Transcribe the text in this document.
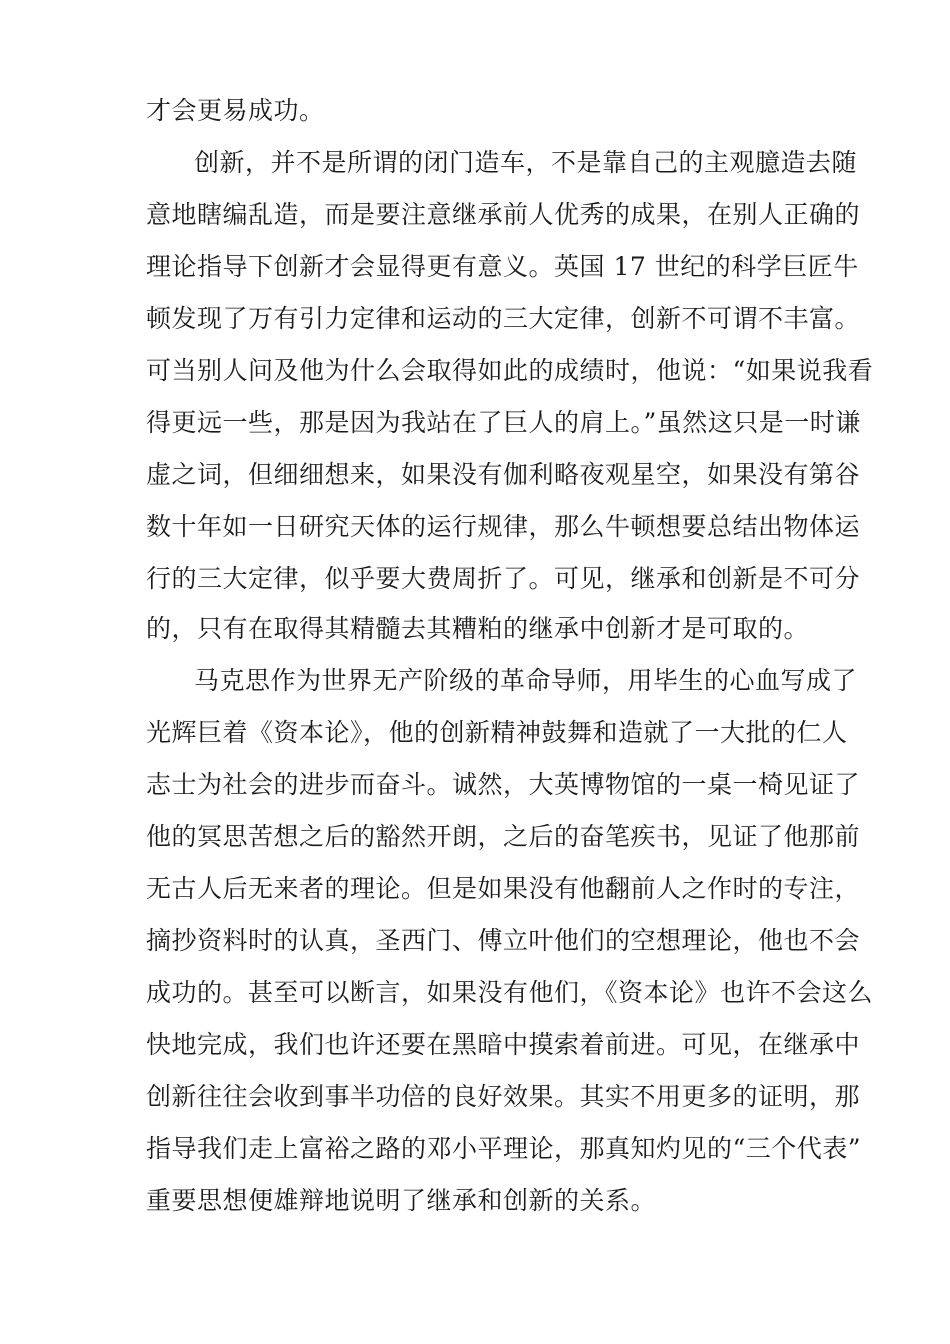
才会更易成功。
创新，并不是所谓的闭门造车，不是靠自己的主观臆造去随
意地瞎编乱造，而是要注意继承前人优秀的成果，在别人正确的
理论指导下创新才会显得更有意义。英国 17 世纪的科学巨匠牛
顿发现了万有引力定律和运动的三大定律，创新不可谓不丰富。
可当别人问及他为什么会取得如此的成绩时，他说：“如果说我看
得更远一些，那是因为我站在了巨人的肩上。”虽然这只是一时谦
虚之词，但细细想来，如果没有伽利略夜观星空，如果没有第谷
数十年如一日研究天体的运行规律，那么牛顿想要总结出物体运
行的三大定律，似乎要大费周折了。可见，继承和创新是不可分
的，只有在取得其精髓去其糟粕的继承中创新才是可取的。
马克思作为世界无产阶级的革命导师，用毕生的心血写成了
光辉巨着《资本论》，他的创新精神鼓舞和造就了一大批的仁人
志士为社会的进步而奋斗。诚然，大英博物馆的一桌一椅见证了
他的冥思苦想之后的豁然开朗，之后的奋笔疾书，见证了他那前
无古人后无来者的理论。但是如果没有他翻前人之作时的专注，
摘抄资料时的认真，圣西门、傅立叶他们的空想理论，他也不会
成功的。甚至可以断言，如果没有他们，《资本论》也许不会这么
快地完成，我们也许还要在黑暗中摸索着前进。可见，在继承中
创新往往会收到事半功倍的良好效果。其实不用更多的证明，那
指导我们走上富裕之路的邓小平理论，那真知灼见的“三个代表”
重要思想便雄辩地说明了继承和创新的关系。
